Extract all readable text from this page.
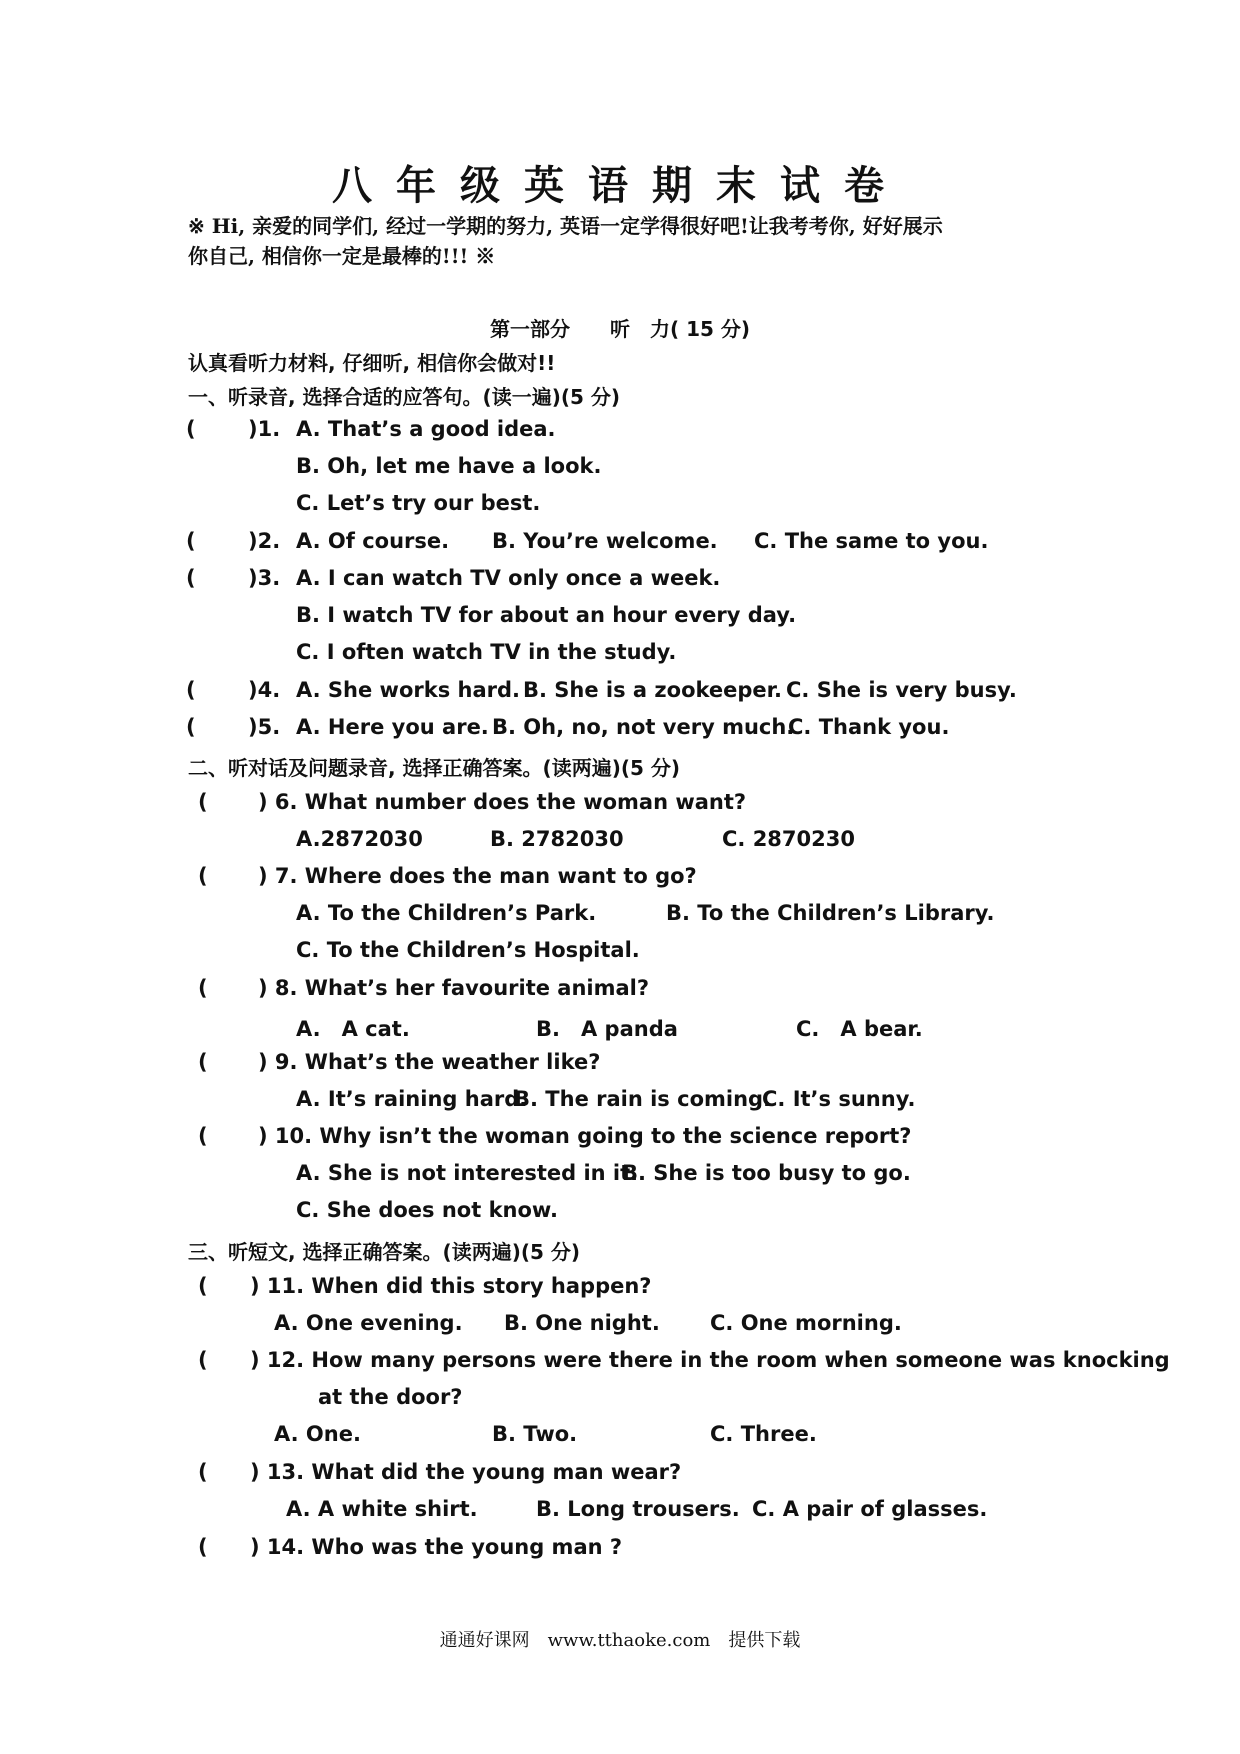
八年级英语期末试卷
※ Hi, 亲爱的同学们, 经过一学期的努力, 英语一定学得很好吧!让我考考你, 好好展示
你自己, 相信你一定是最棒的!!! ※
第一部分　　听　力( 15 分)
认真看听力材料, 仔细听, 相信你会做对!!
一、听录音, 选择合适的应答句。(读一遍)(5 分)
( )1. A. That’s a good idea.
B. Oh, let me have a look.
C. Let’s try our best.
( )2. A. Of course. B. You’re welcome. C. The same to you.
( )3. A. I can watch TV only once a week.
B. I watch TV for about an hour every day.
C. I often watch TV in the study.
( )4. A. She works hard. B. She is a zookeeper. C. She is very busy.
( )5. A. Here you are. B. Oh, no, not very much.
C. Thank you.
二、听对话及问题录音, 选择正确答案。(读两遍)(5 分)
( ) 6. What number does the woman want?
A.2872030	B. 2782030	C. 2870230
( ) 7. Where does the man want to go?
A. To the Children’s Park.	B. To the Children’s Library.
C. To the Children’s Hospital.
( ) 8. What’s her favourite animal?
A.　A cat.	B.　A panda	C.　A bear.
( ) 9. What’s the weather like?
A. It’s raining hard.
B. The rain is coming.
C. It’s sunny.
( ) 10. Why isn’t the woman going to the science report?
A. She is not interested in it.
B. She is too busy to go.
C. She does not know.
三、听短文, 选择正确答案。(读两遍)(5 分)
( ) 11. When did this story happen?
A. One evening. B. One night. C. One morning.
( ) 12. How many persons were there in the room when someone was knocking
at the door?
A. One.	B. Two.	C. Three.
( ) 13. What did the young man wear?
A. A white shirt.	B. Long trousers. C. A pair of glasses.
( ) 14. Who was the young man ?
通通好课网　www.tthaoke.com　提供下载
